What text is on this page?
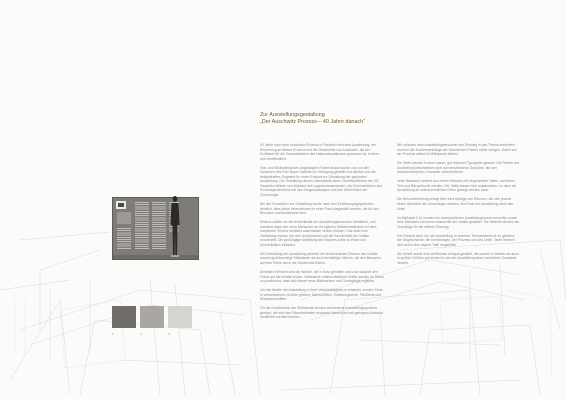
Zur Ausstellungsgestaltung
„Der Auschwitz Prozess – 40 Jahre danach“

40 Jahre nach dem Auschwitz-Prozess in Frankfurt wird eine Ausstellung, die Erinnerung an diesen Prozess und die Geschichte von Auschwitz, die der Schlüssel für die Grausamkeiten des Nationalsozialismus geworden ist, fordern und veröffentlicht.

Text- und Bildmaterial des Angeklagten Robert Mulka wurde uns von den Kuratoren des Fritz Bauer Instituts zur Verfügung gestellt und dienten uns als beispielhaftes Segment für einen Entwurf zur Gestaltung der geplanten Ausstellung. Die Gestaltung dieses Lebenslaufs eines Verantwortlichen der SS-Hauptsturmführer und Adjutant des Lagerkommandanten, die Dokumentation des Prozessgeschehens mit den Zeugenaussagen und das Urteil bilden die Chronologie.

Bei der Konzeption zur Gestaltung wurde nach den Einführungsgesprächen deutlich, dass diese Informationen in einer Form dargestellt werden, die für den Besucher nachvollziehbar sind.

Erstens sollten sie die Authentizität der Ausstellungsbesucher bestärken, und zweitens dass sich mehr Menschen an ihr eigenes Selbstverständnis mit dem komplexen Thema verstärkt auseinander setzen können. Das setzt eine Gestaltung voraus, die sich zurücknimmt und die Sachlichkeit der Inhalte hervorhebt. Die großzügige Aufteilung des Raumes sollte zu Ruhe und Konzentration einladen.

Die Gestaltung der Ausstellung arbeitet mit verschiedenen Ebenen des Inhalts: sowohl großformatige Stellwände als auch kleinteilige Vitrinen, die den Besucher auf eine Reise durch die Geschichte führen.

Zentrales Element sind die Wände, die in Grau gehalten sind und dadurch den Fokus auf die Inhalte lenken. Stellwände unterschiedlicher Breite werden im Raum so positioniert, dass sich immer neue Blickachsen und Durchgänge ergeben.

Um die Inhalte der Ausstellung in ihrer Vielschichtigkeit zu erfassen, werden Texte in verschiedenen Größen gesetzt: Überschriften, Einleitungstexte, Fließtexte und Bildunterschriften.

Für die Konstruktion der Stellwände werden vorhandene Ausstellungssysteme genutzt, die sich den Räumlichkeiten anpassen lassen und mit geringem Aufwand modifiziert werden können.

Wir möchten dem Ausstellungsbesucher den Einstieg in das Thema erleichtern und ihm die Zusammenhänge der historischen Fakten näher bringen. Dabei soll der Prozess selbst im Mittelpunkt stehen.

Die Texte werden in einer klaren, gut lesbaren Typografie gesetzt. Die Farben der Ausstellung beschränken sich auf verschiedene Grautöne, die den dokumentarischen Charakter unterstreichen.

Jede Stellwand besteht aus einem Rahmen mit eingesetzten Tafeln, auf denen Text und Bild gedruckt werden. Die Tafeln lassen sich austauschen, so dass die Ausstellung an unterschiedlichen Orten gezeigt werden kann.

Die Besucherführung erfolgt über eine Abfolge von Räumen, die sich jeweils einem Abschnitt der Chronologie widmen. Am Ende der Ausstellung steht das Urteil.

Im Maßstab 1:10 wurden ein exemplarischer Ausstellungsraum entworfen sowie eine Stellwand mit einem Ausschnitt der Inhalte gestaltet. Die Modelle dienten als Grundlage für die weitere Planung.

Der Entwurf sieht vor, die Ausstellung in mehrere Themenbereiche zu gliedern: die Vorgeschichte, die Ermittlungen, der Prozess und das Urteil. Jeder Bereich wird durch eine eigene Tafel eingeleitet.

Als Schrift wurde eine serifenlose Antiqua gewählt, die sowohl in kleinen als auch in großen Größen gut lesbar ist und der Ausstellung einen sachlichen Charakter verleiht.

1	2	3
